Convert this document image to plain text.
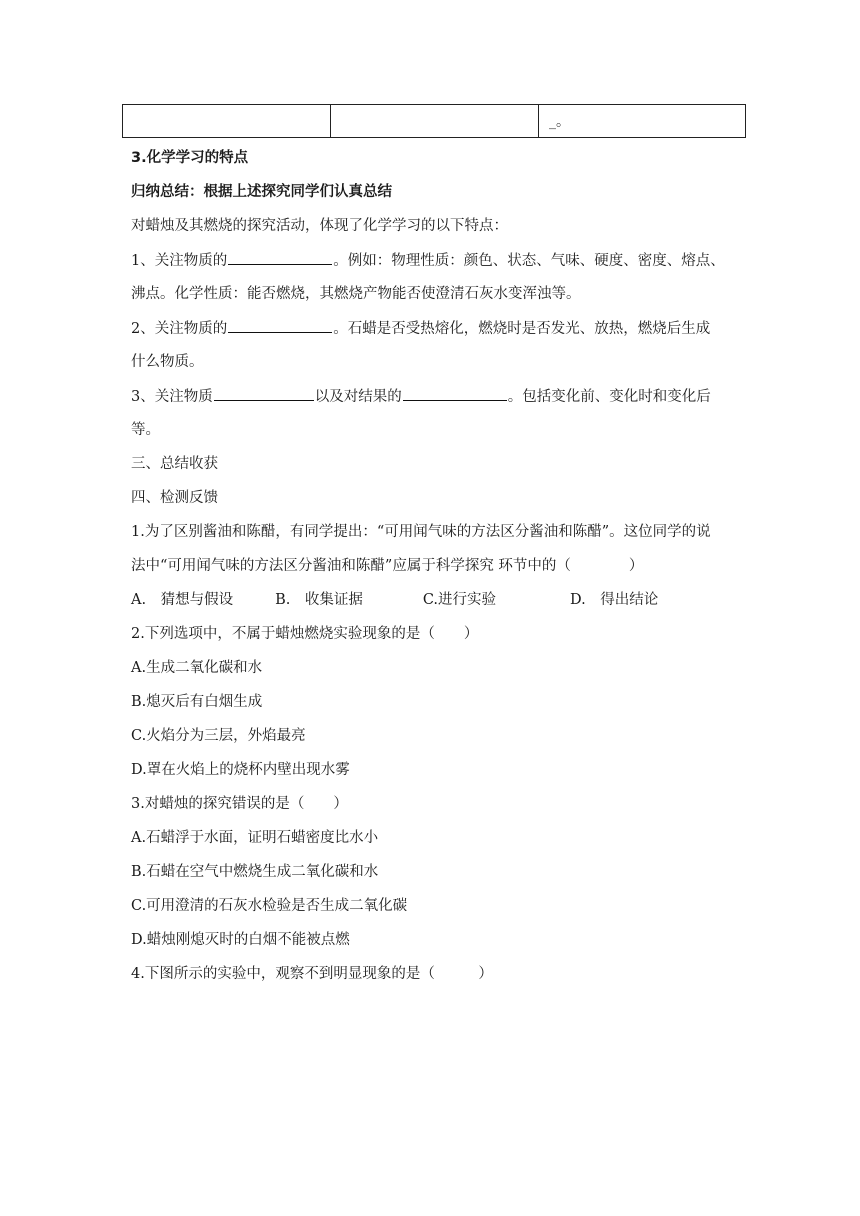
_。
3.化学学习的特点
归纳总结：根据上述探究同学们认真总结
对蜡烛及其燃烧的探究活动，体现了化学学习的以下特点：
1、关注物质的	。例如：物理性质：颜色、状态、气味、硬度、密度、熔点、
沸点。化学性质：能否燃烧，其燃烧产物能否使澄清石灰水变浑浊等。
2、关注物质的	。石蜡是否受热熔化，燃烧时是否发光、放热，燃烧后生成
什么物质。
3、关注物质	以及对结果的	。包括变化前、变化时和变化后
等。
三、总结收获
四、检测反馈
1.为了区别酱油和陈醋，有同学提出：“可用闻气味的方法区分酱油和陈醋”。这位同学的说
法中“可用闻气味的方法区分酱油和陈醋”应属于科学探究 环节中的（　　　　）
A.　猜想与假设	B.　收集证据	C.进行实验	D.　得出结论
2.下列选项中，不属于蜡烛燃烧实验现象的是（　　）
A.生成二氧化碳和水
B.熄灭后有白烟生成
C.火焰分为三层，外焰最亮
D.罩在火焰上的烧杯内壁出现水雾
3.对蜡烛的探究错误的是（　　）
A.石蜡浮于水面，证明石蜡密度比水小
B.石蜡在空气中燃烧生成二氧化碳和水
C.可用澄清的石灰水检验是否生成二氧化碳
D.蜡烛刚熄灭时的白烟不能被点燃
4.下图所示的实验中，观察不到明显现象的是（　　　）
